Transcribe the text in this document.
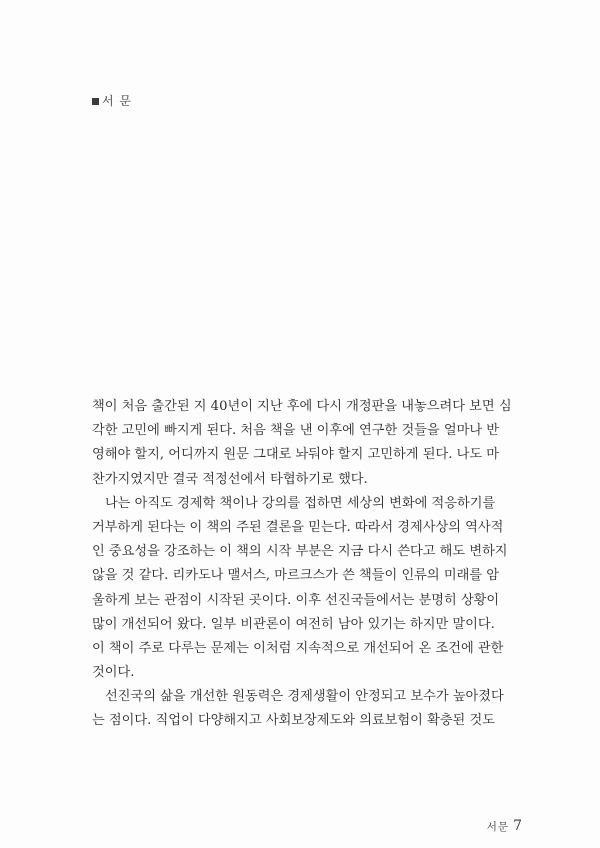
서 문
책이 처음 출간된 지 40년이 지난 후에 다시 개정판을 내놓으려다 보면 심
각한 고민에 빠지게 된다. 처음 책을 낸 이후에 연구한 것들을 얼마나 반
영해야 할지, 어디까지 원문 그대로 놔둬야 할지 고민하게 된다. 나도 마
찬가지였지만 결국 적정선에서 타협하기로 했다.
나는 아직도 경제학 책이나 강의를 접하면 세상의 변화에 적응하기를
거부하게 된다는 이 책의 주된 결론을 믿는다. 따라서 경제사상의 역사적
인 중요성을 강조하는 이 책의 시작 부분은 지금 다시 쓴다고 해도 변하지
않을 것 같다. 리카도나 맬서스, 마르크스가 쓴 책들이 인류의 미래를 암
울하게 보는 관점이 시작된 곳이다. 이후 선진국들에서는 분명히 상황이
많이 개선되어 왔다. 일부 비관론이 여전히 남아 있기는 하지만 말이다.
이 책이 주로 다루는 문제는 이처럼 지속적으로 개선되어 온 조건에 관한
것이다.
선진국의 삶을 개선한 원동력은 경제생활이 안정되고 보수가 높아졌다
는 점이다. 직업이 다양해지고 사회보장제도와 의료보험이 확충된 것도
서문 7
